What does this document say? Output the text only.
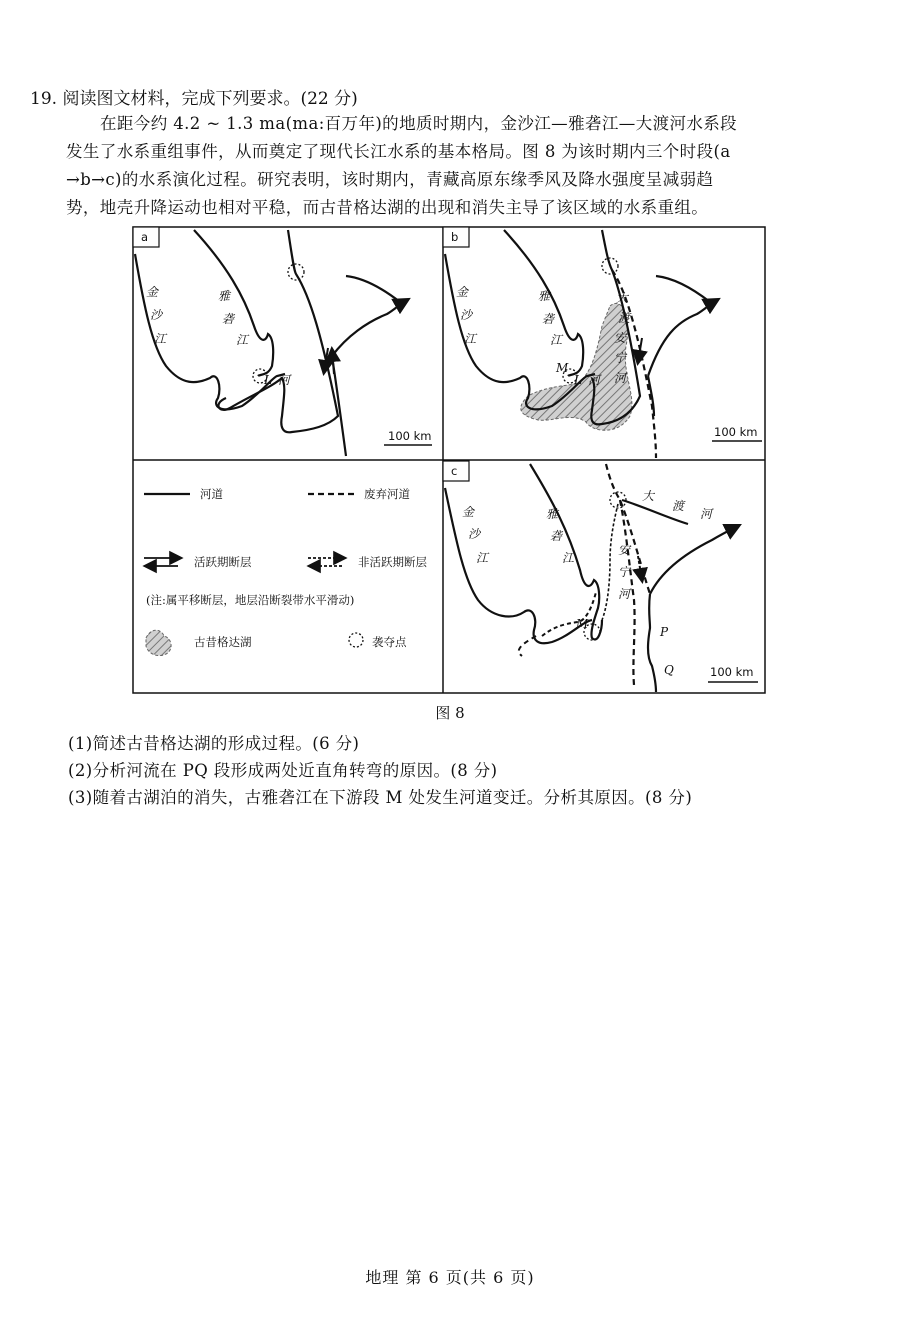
19. 阅读图文材料，完成下列要求。(22 分)
在距今约 4.2 ~ 1.3 ma(ma:百万年)的地质时期内，金沙江—雅砻江—大渡河水系段
发生了水系重组事件，从而奠定了现代长江水系的基本格局。图 8 为该时期内三个时段(a
→b→c)的水系演化过程。研究表明，该时期内，青藏高原东缘季风及降水强度呈减弱趋
势，地壳升降运动也相对平稳，而古昔格达湖的出现和消失主导了该区域的水系重组。
a
金
沙
江
雅
砻
江
L 河
100 km
b
金
沙
江
雅
砻
江
M
L 河
大
渡
安
宁
河
100 km
河道	废弃河道
活跃期断层	非活跃期断层
(注:属平移断层，地层沿断裂带水平滑动)
古昔格达湖	袭夺点
c
金
沙
江
雅
砻
江
大
渡
河
安
宁
河
M
P
Q	100 km
图 8
(1)简述古昔格达湖的形成过程。(6 分)
(2)分析河流在 PQ 段形成两处近直角转弯的原因。(8 分)
(3)随着古湖泊的消失，古雅砻江在下游段 M 处发生河道变迁。分析其原因。(8 分)
地理 第 6 页(共 6 页)
